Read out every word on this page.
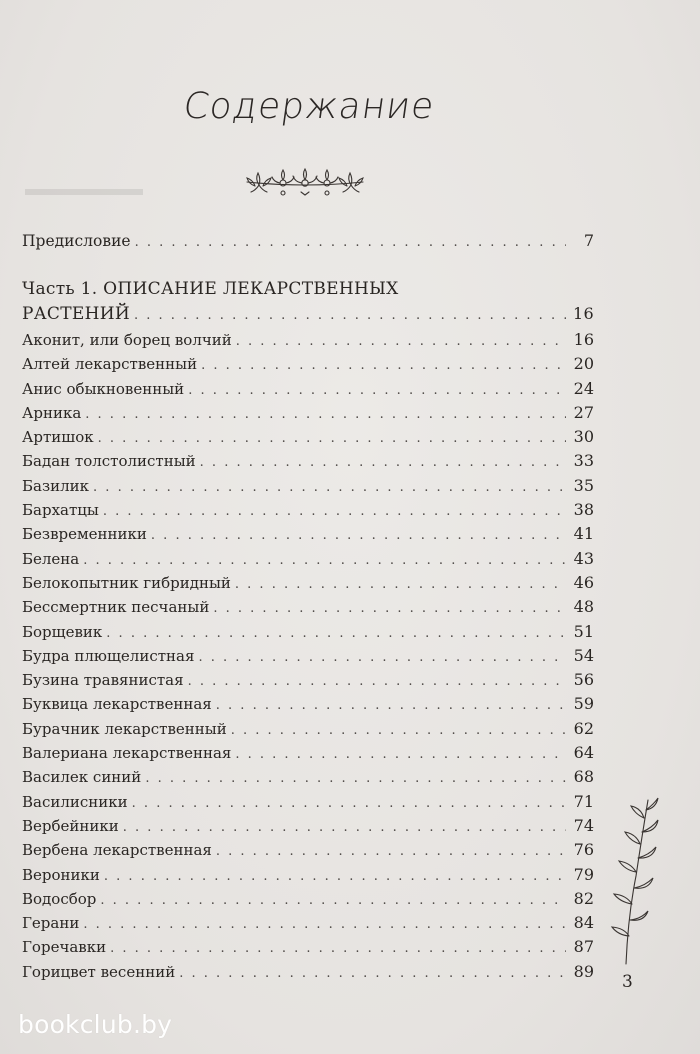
Содержание
Предисловие . . .	7
Часть 1. ОПИСАНИЕ ЛЕКАРСТВЕННЫХ
РАСТЕНИЙ . . .	16
Аконит, или борец волчий . . .	16
Алтей лекарственный . . .	20
Анис обыкновенный . . .	24
Арника . . .	27
Артишок . . .	30
Бадан толстолистный . . .	33
Базилик . . .	35
Бархатцы . . .	38
Безвременники . . .	41
Белена . . .	43
Белокопытник гибридный . . .	46
Бессмертник песчаный . . .	48
Борщевик . . .	51
Будра плющелистная . . .	54
Бузина травянистая . . .	56
Буквица лекарственная . . .	59
Бурачник лекарственный . . .	62
Валериана лекарственная . . .	64
Василек синий . . .	68
Василисники . . .	71
Вербейники . . .	74
Вербена лекарственная . . .	76
Вероники . . .	79
Водосбор . . .	82
Герани . . .	84
Горечавки . . .	87
Горицвет весенний . . .	89
3
bookclub.by
